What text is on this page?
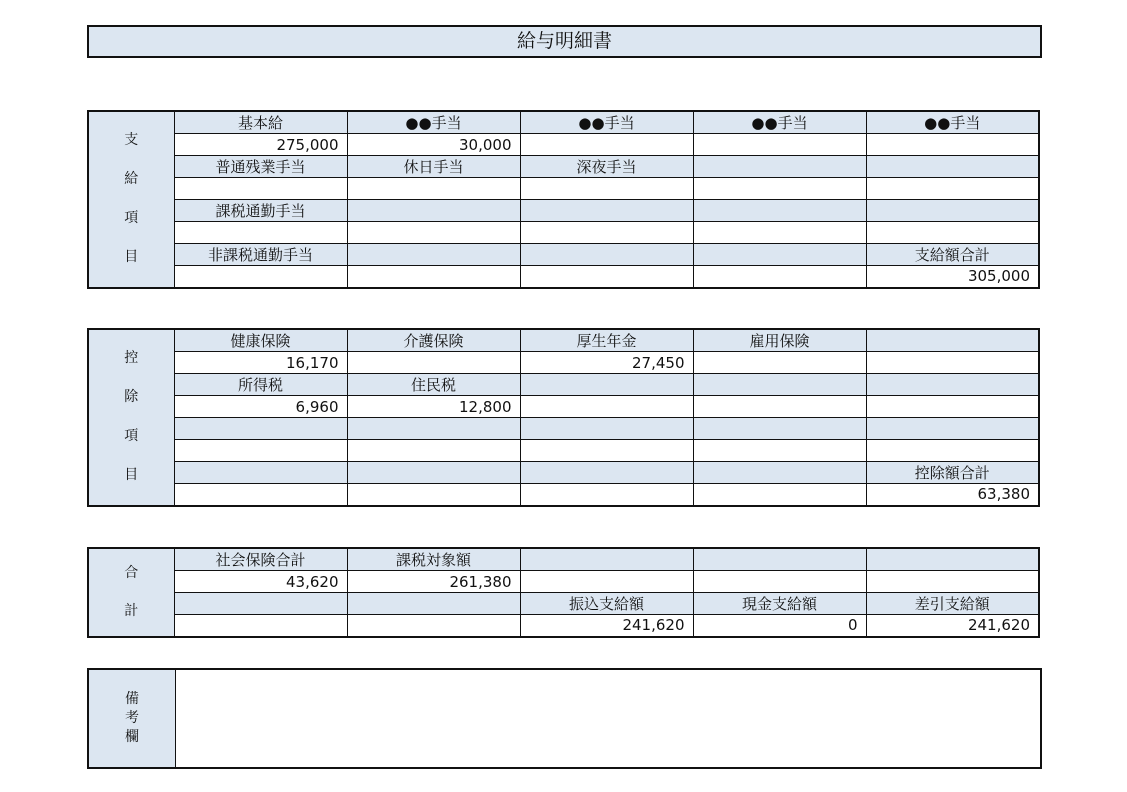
給与明細書
支
給
項
目	基本給	●●手当	●●手当	●●手当	●●手当
	275,000	30,000			
	普通残業手当	休日手当	深夜手当		

	課税通勤手当				

	非課税通勤手当				支給額合計
					305,000
控
除
項
目	健康保険	介護保険	厚生年金	雇用保険	
	16,170		27,450		
	所得税	住民税			
	6,960	12,800			

					控除額合計
					63,380
合
計	社会保険合計	課税対象額			
	43,620	261,380			
			振込支給額	現金支給額	差引支給額
			241,620	0	241,620
備
考
欄
